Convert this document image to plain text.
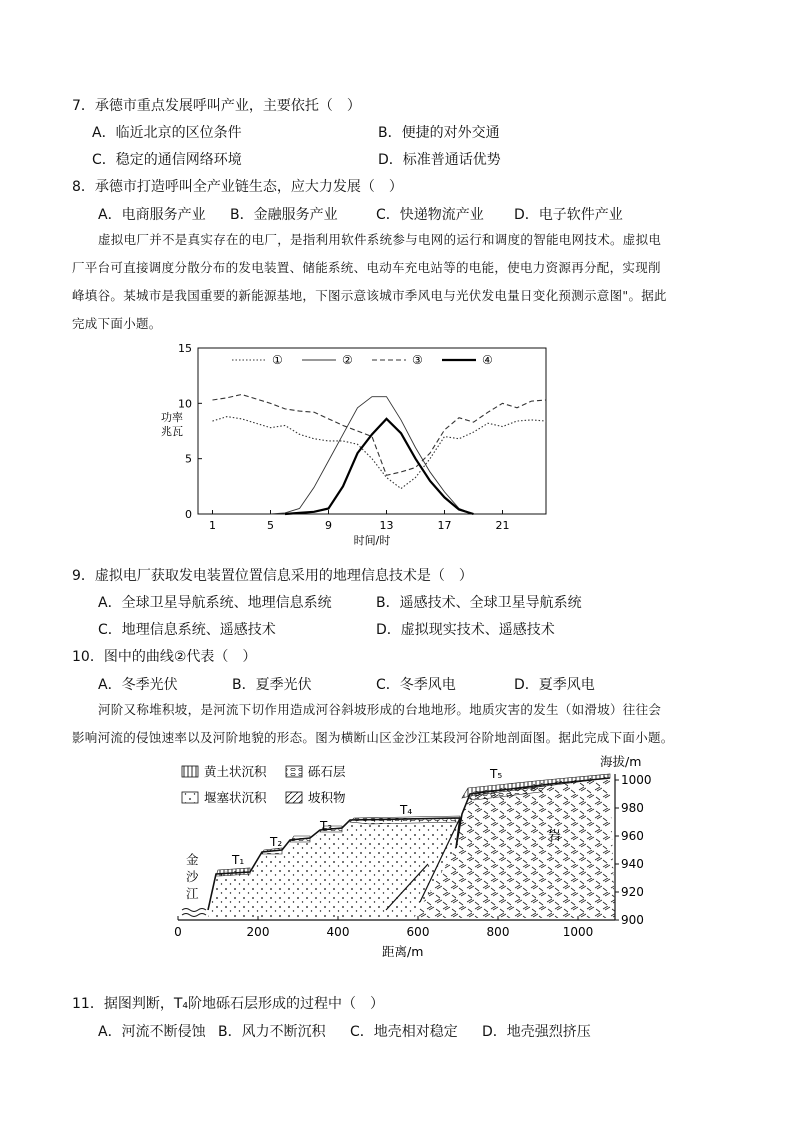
7．承德市重点发展呼叫产业，主要依托（　）
A．临近北京的区位条件	B．便捷的对外交通
C．稳定的通信网络环境	D．标准普通话优势
8．承德市打造呼叫全产业链生态，应大力发展（　）
A．电商服务产业 B．金融服务产业	C．快递物流产业 D．电子软件产业
虚拟电厂并不是真实存在的电厂，是指利用软件系统参与电网的运行和调度的智能电网技术。虚拟电
厂平台可直接调度分散分布的发电装置、储能系统、电动车充电站等的电能，使电力资源再分配，实现削
峰填谷。某城市是我国重要的新能源基地，下图示意该城市季风电与光伏发电量日变化预测示意图"。据此
完成下面小题。
0
5
10
15
1	5	9	13	17	21
时间/时
功率
兆瓦
①	②	③	④
9．虚拟电厂获取发电装置位置信息采用的地理信息技术是（　）
A．全球卫星导航系统、地理信息系统	B．遥感技术、全球卫星导航系统
C．地理信息系统、遥感技术	D．虚拟现实技术、遥感技术
10．图中的曲线②代表（　）
A．冬季光伏	B．夏季光伏	C．冬季风电	D．夏季风电
河阶又称堆积坡，是河流下切作用造成河谷斜坡形成的台地地形。地质灾害的发生（如滑坡）往往会
影响河流的侵蚀速率以及河阶地貌的形态。图为横断山区金沙江某段河谷阶地剖面图。据此完成下面小题。
黄土状沉积	砾石层
堰塞状沉积	坡积物
金
沙
江
T₁
T₂
T₃
T₄
T₅
岩
海拔/m
1000
980
960
940
920
900
0	200	400	600	800	1000
距离/m
11．据图判断，T₄阶地砾石层形成的过程中（　）
A．河流不断侵蚀 B．风力不断沉积 C．地壳相对稳定 D．地壳强烈挤压
